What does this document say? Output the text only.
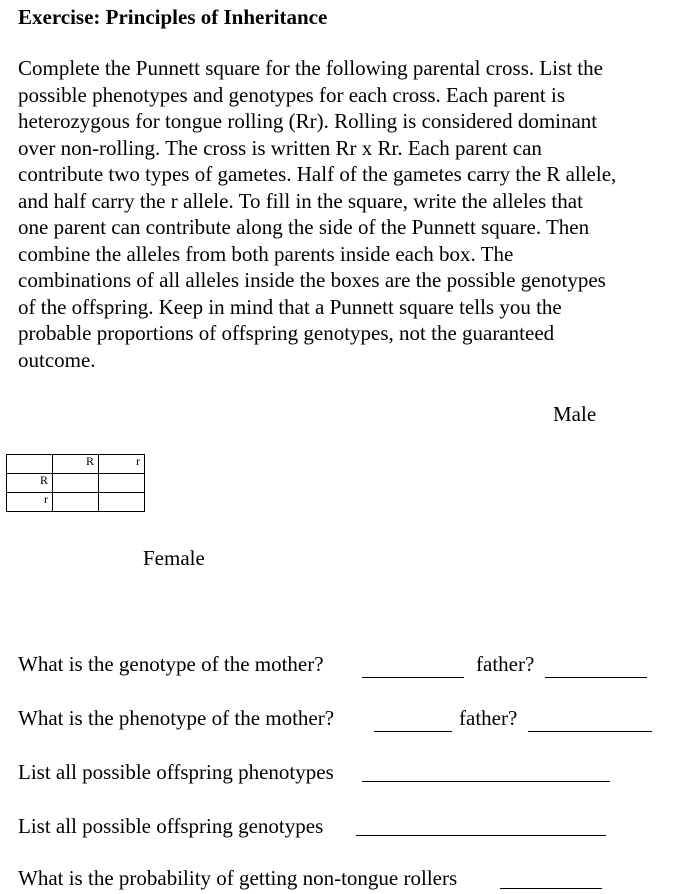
Exercise: Principles of Inheritance
Complete the Punnett square for the following parental cross. List the
possible phenotypes and genotypes for each cross. Each parent is
heterozygous for tongue rolling (Rr). Rolling is considered dominant
over non-rolling. The cross is written Rr x Rr. Each parent can
contribute two types of gametes. Half of the gametes carry the R allele,
and half carry the r allele. To fill in the square, write the alleles that
one parent can contribute along the side of the Punnett square. Then
combine the alleles from both parents inside each box. The
combinations of all alleles inside the boxes are the possible genotypes
of the offspring. Keep in mind that a Punnett square tells you the
probable proportions of offspring genotypes, not the guaranteed
outcome.
Male
	R	r
R		
r		
Female
What is the genotype of the mother?	father?
What is the phenotype of the mother?	father?
List all possible offspring phenotypes
List all possible offspring genotypes
What is the probability of getting non-tongue rollers
